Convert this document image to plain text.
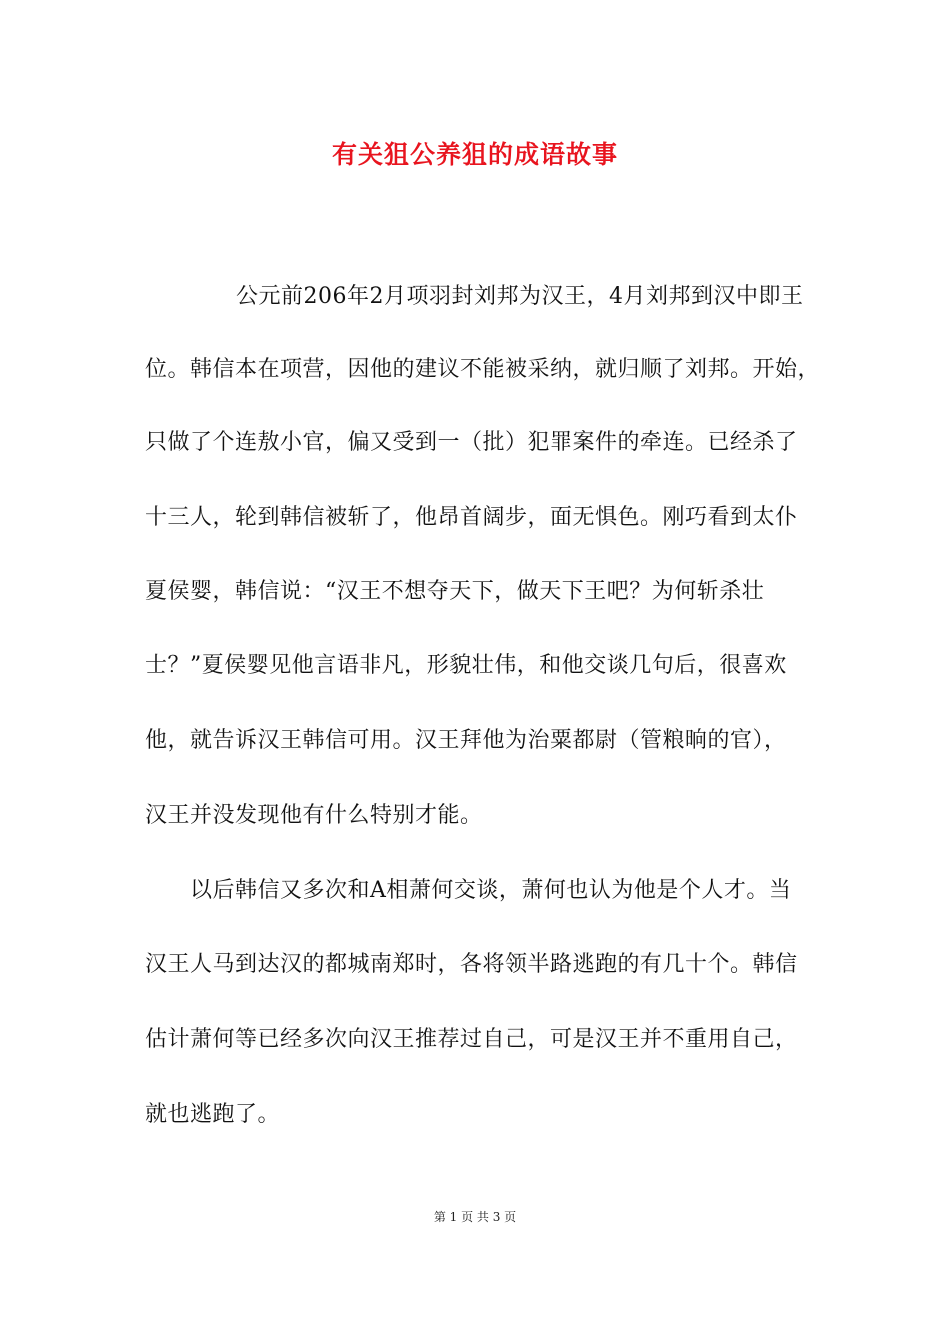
有关狙公养狙的成语故事
公元前206年2月项羽封刘邦为汉王，4月刘邦到汉中即王
位。韩信本在项营，因他的建议不能被采纳，就归顺了刘邦。开始，
只做了个连敖小官，偏又受到一（批）犯罪案件的牵连。已经杀了
十三人，轮到韩信被斩了，他昂首阔步，面无惧色。刚巧看到太仆
夏侯婴，韩信说：“汉王不想夺天下，做天下王吧？为何斩杀壮
士？”夏侯婴见他言语非凡，形貌壮伟，和他交谈几句后，很喜欢
他，就告诉汉王韩信可用。汉王拜他为治粟都尉（管粮晌的官），
汉王并没发现他有什么特别才能。
以后韩信又多次和A相萧何交谈，萧何也认为他是个人才。当
汉王人马到达汉的都城南郑时，各将领半路逃跑的有几十个。韩信
估计萧何等已经多次向汉王推荐过自己，可是汉王并不重用自己，
就也逃跑了。
第 1 页 共 3 页
